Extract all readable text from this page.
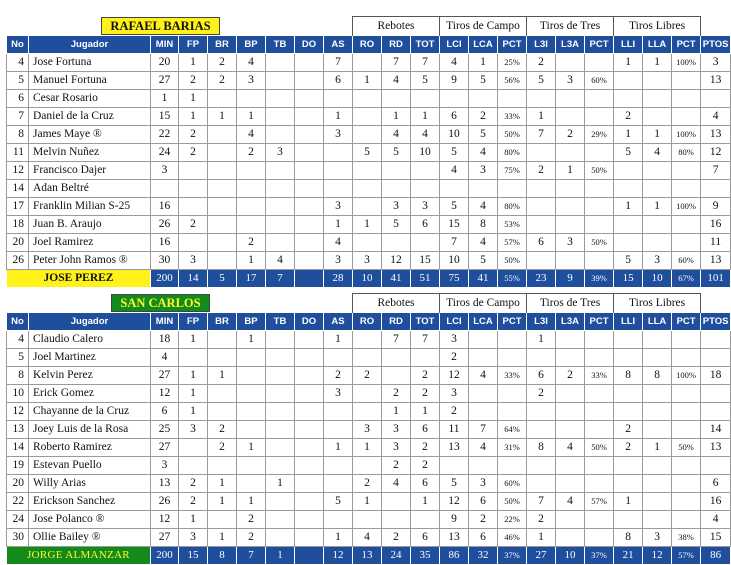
RAFAEL BARIAS									Rebotes			Tiros de Campo			Tiros de Tres			Tiros Libres			
No	Jugador	MIN	FP	BR	BP	TB	DO	AS	RO	RD	TOT	LCI	LCA	PCT	L3I	L3A	PCT	LLI	LLA	PCT	PTOS
4	Jose Fortuna	20	1	2	4			7		7	7	4	1	25%	2			1	1	100%	3
5	Manuel Fortuna	27	2	2	3			6	1	4	5	9	5	56%	5	3	60%				13
6	Cesar Rosario	1	1																		
7	Daniel de la Cruz	15	1	1	1			1		1	1	6	2	33%	1			2			4
8	James Maye ®	22	2		4			3		4	4	10	5	50%	7	2	29%	1	1	100%	13
11	Melvin Nuñez	24	2		2	3			5	5	10	5	4	80%				5	4	80%	12
12	Francisco Dajer	3										4	3	75%	2	1	50%				7
14	Adan Beltré																				
17	Franklin Milian S-25	16						3		3	3	5	4	80%				1	1	100%	9
18	Juan B. Araujo	26	2					1	1	5	6	15	8	53%							16
20	Joel Ramirez	16			2			4				7	4	57%	6	3	50%				11
26	Peter John Ramos ®	30	3		1	4		3	3	12	15	10	5	50%				5	3	60%	13
JOSE PEREZ		200	14	5	17	7		28	10	41	51	75	41	55%	23	9	39%	15	10	67%	101
SAN CARLOS									Rebotes			Tiros de Campo			Tiros de Tres			Tiros Libres			
No	Jugador	MIN	FP	BR	BP	TB	DO	AS	RO	RD	TOT	LCI	LCA	PCT	L3I	L3A	PCT	LLI	LLA	PCT	PTOS
4	Claudio Calero	18	1		1			1		7	7	3			1						
5	Joel Martinez	4										2									
8	Kelvin Perez	27	1	1				2	2		2	12	4	33%	6	2	33%	8	8	100%	18
10	Erick Gomez	12	1					3		2	2	3			2						
12	Chayanne de la Cruz	6	1							1	1	2									
13	Joey Luis de la Rosa	25	3	2					3	3	6	11	7	64%				2			14
14	Roberto Ramirez	27		2	1			1	1	3	2	13	4	31%	8	4	50%	2	1	50%	13
19	Estevan Puello	3								2	2										
20	Willy Arias	13	2	1		1			2	4	6	5	3	60%							6
22	Erickson Sanchez	26	2	1	1			5	1		1	12	6	50%	7	4	57%	1			16
24	Jose Polanco ®	12	1		2							9	2	22%	2						4
30	Ollie Bailey ®	27	3	1	2			1	4	2	6	13	6	46%	1			8	3	38%	15
JORGE ALMANZAR		200	15	8	7	1		12	13	24	35	86	32	37%	27	10	37%	21	12	57%	86
